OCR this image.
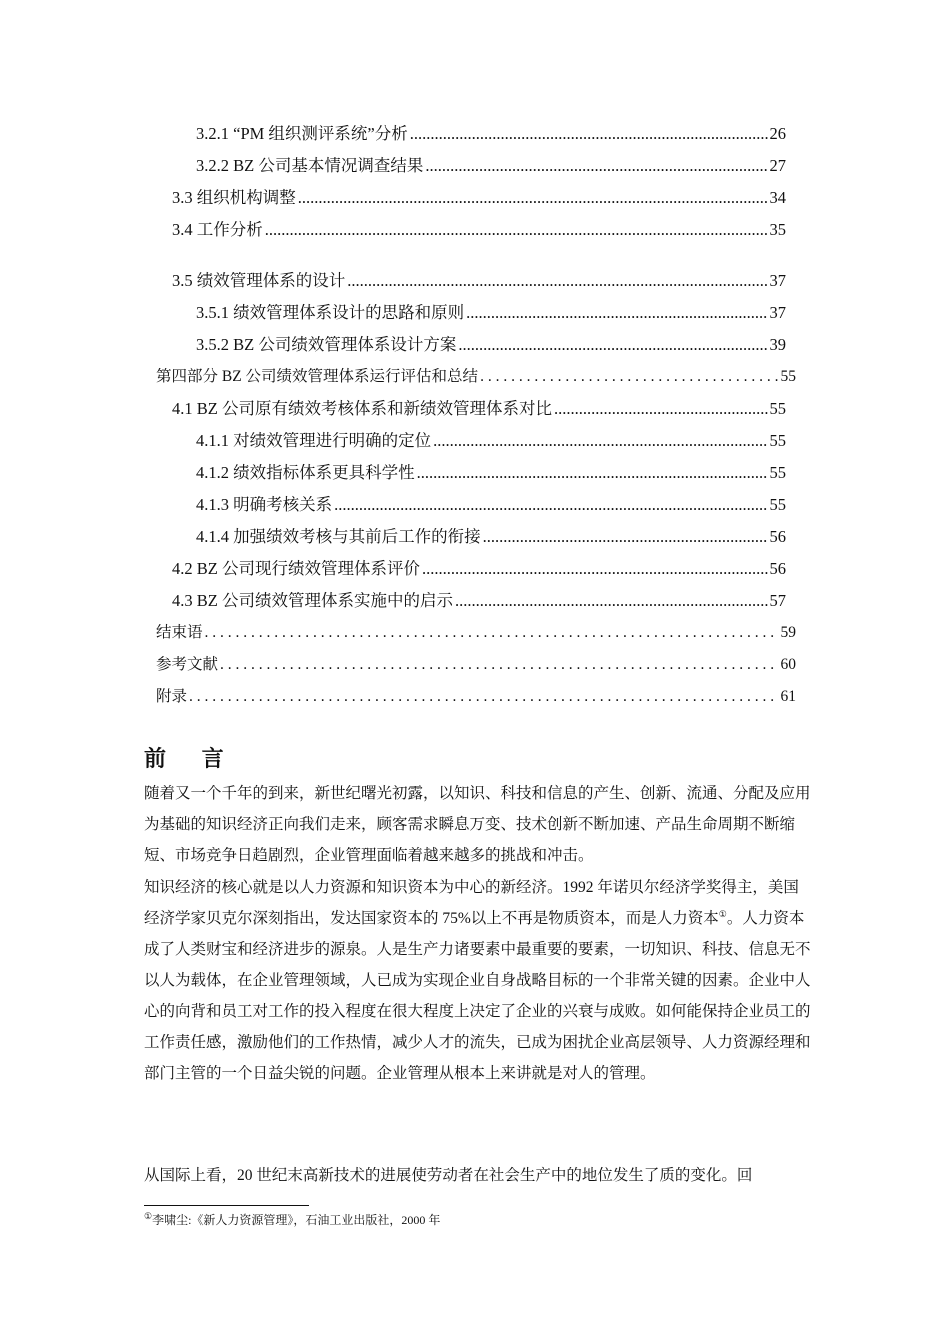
3.2.1 “PM 组织测评系统”分析 .....	26
3.2.2 BZ 公司基本情况调查结果 .....	27
3.3 组织机构调整 .....	34
3.4 工作分析 .....	35
3.5 绩效管理体系的设计 .....	37
3.5.1 绩效管理体系设计的思路和原则 .....	37
3.5.2 BZ 公司绩效管理体系设计方案 .....	39
第四部分 BZ 公司绩效管理体系运行评估和总结 . . .	55
4.1 BZ 公司原有绩效考核体系和新绩效管理体系对比 .....	55
4.1.1 对绩效管理进行明确的定位 .....	55
4.1.2 绩效指标体系更具科学性 .....	55
4.1.3 明确考核关系 .....	55
4.1.4 加强绩效考核与其前后工作的衔接 .....	56
4.2 BZ 公司现行绩效管理体系评价 .....	56
4.3 BZ 公司绩效管理体系实施中的启示 .....	57
结束语 . . .	59
参考文献 . . .	60
附录 . . .	61
前 言
随着又一个千年的到来，新世纪曙光初露，以知识、科技和信息的产生、创新、流通、分配及应用为基础的知识经济正向我们走来，顾客需求瞬息万变、技术创新不断加速、产品生命周期不断缩短、市场竞争日趋剧烈，企业管理面临着越来越多的挑战和冲击。
知识经济的核心就是以人力资源和知识资本为中心的新经济。1992 年诺贝尔经济学奖得主，美国经济学家贝克尔深刻指出，发达国家资本的 75%以上不再是物质资本，而是人力资本①。人力资本成了人类财宝和经济进步的源泉。人是生产力诸要素中最重要的要素，一切知识、科技、信息无不以人为载体，在企业管理领域，人已成为实现企业自身战略目标的一个非常关键的因素。企业中人心的向背和员工对工作的投入程度在很大程度上决定了企业的兴衰与成败。如何能保持企业员工的工作责任感，激励他们的工作热情，减少人才的流失，已成为困扰企业高层领导、人力资源经理和部门主管的一个日益尖锐的问题。企业管理从根本上来讲就是对人的管理。
从国际上看，20 世纪末高新技术的进展使劳动者在社会生产中的地位发生了质的变化。回
①李啸尘:《新人力资源管理》，石油工业出版社，2000 年
